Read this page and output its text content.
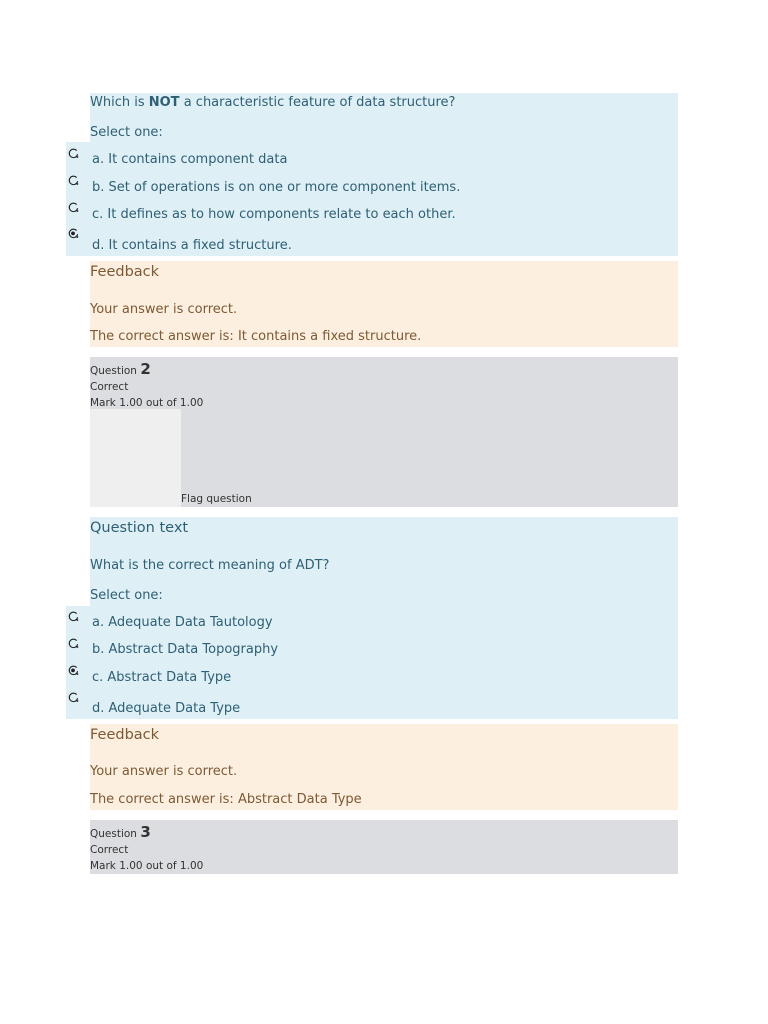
Which is NOT a characteristic feature of data structure?
Select one:
a. It contains component data
b. Set of operations is on one or more component items.
c. It defines as to how components relate to each other.
d. It contains a fixed structure.
Feedback
Your answer is correct.
The correct answer is: It contains a fixed structure.
Question 2
Correct
Mark 1.00 out of 1.00
Flag question
Question text
What is the correct meaning of ADT?
Select one:
a. Adequate Data Tautology
b. Abstract Data Topography
c. Abstract Data Type
d. Adequate Data Type
Feedback
Your answer is correct.
The correct answer is: Abstract Data Type
Question 3
Correct
Mark 1.00 out of 1.00
